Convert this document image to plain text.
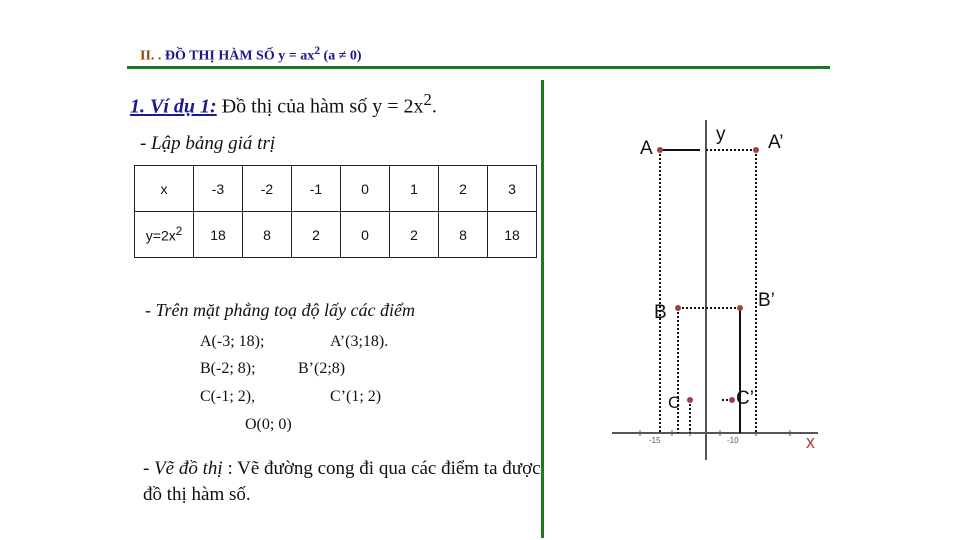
II. . ĐỒ THỊ HÀM SỐ $y = ax^2$ (a ≠ 0)
1. Ví dụ 1: Đồ thị của hàm số $y = 2x^2$.
- Lập bảng giá trị
x	-3	-2	-1	0	1	2	3
$y=2x^2$	18	8	2	0	2	8	18
- Trên mặt phẳng toạ độ lấy các điểm
A(-3; 18);	A’(3;18).
B(-2; 8);	B’(2;8)
C(-1; 2),	C’(1; 2)
O(0; 0)
- Vẽ đồ thị : Vẽ đường cong đi qua các điểm ta được đồ thị hàm số.
-15	-10
A	A’
y
B
B’
C	C’
x
